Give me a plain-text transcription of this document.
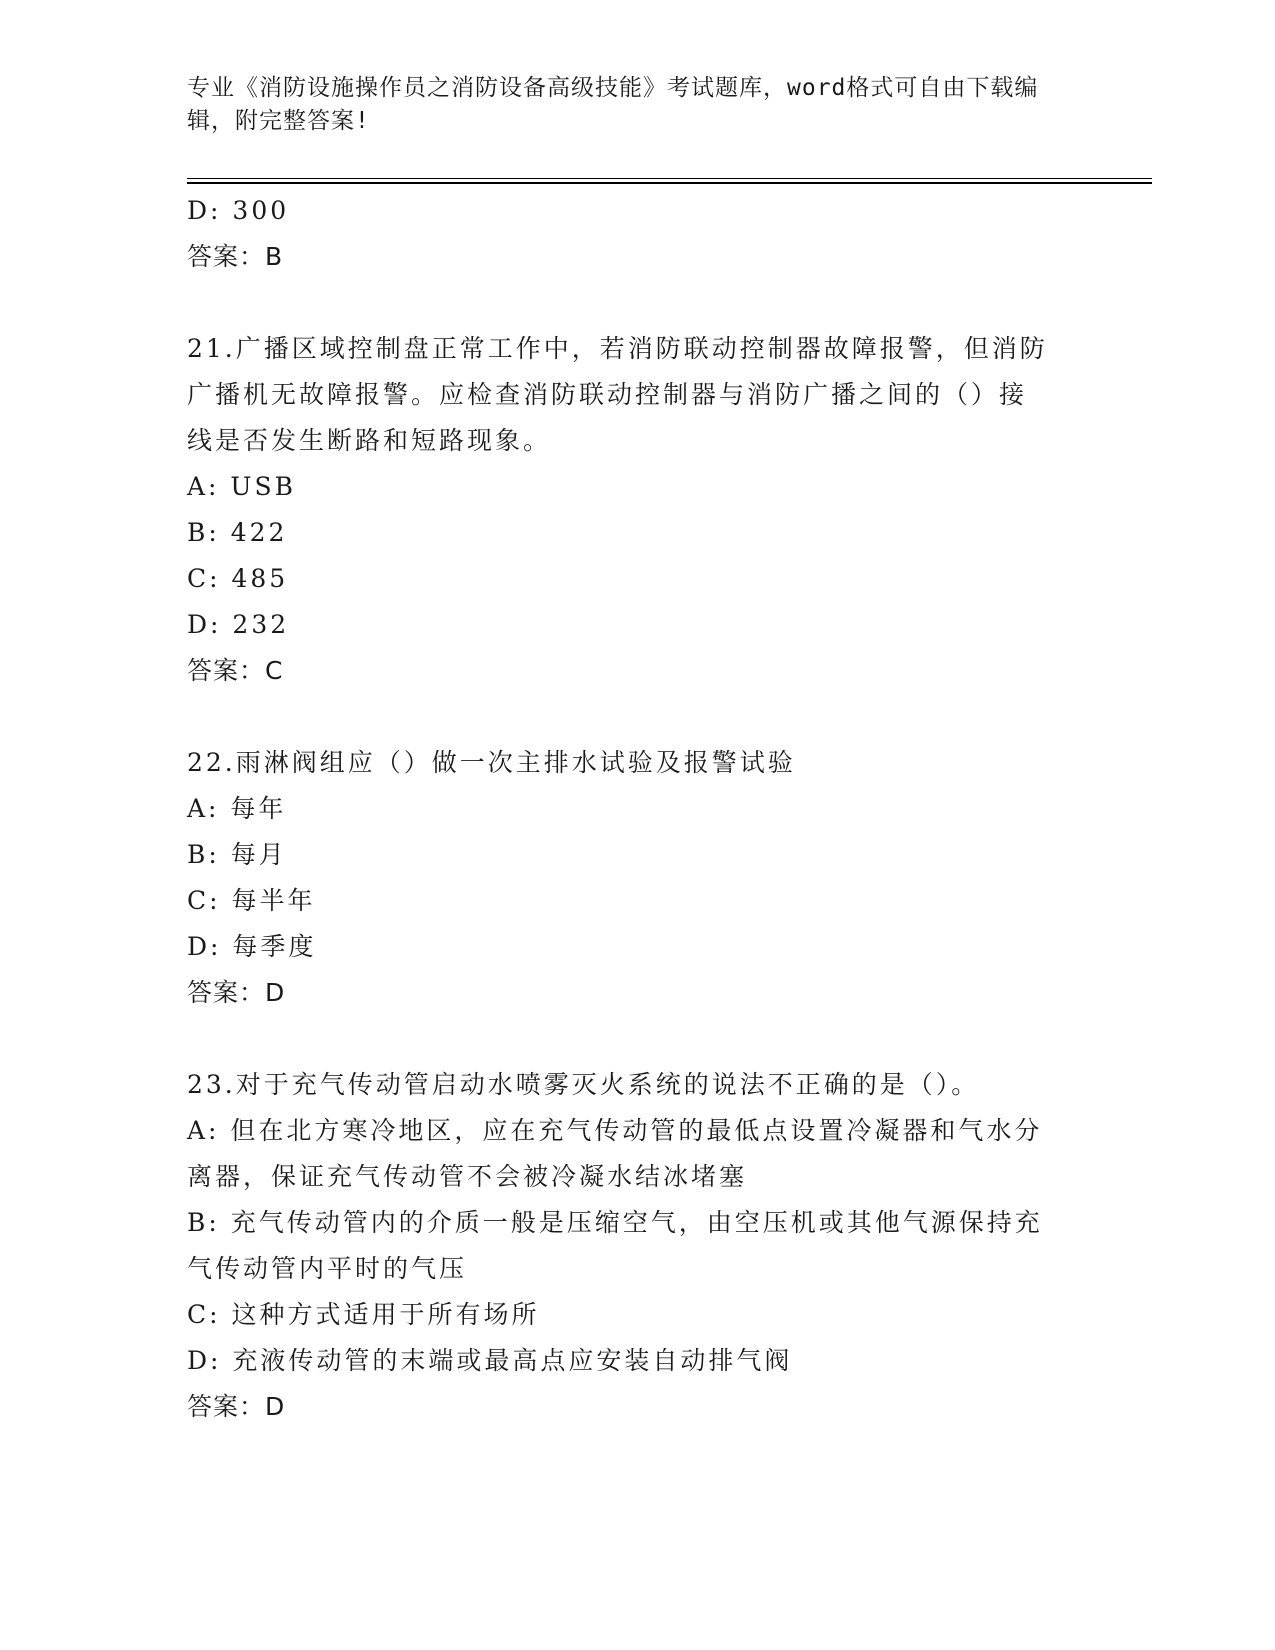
专业《消防设施操作员之消防设备高级技能》考试题库，word格式可自由下载编
辑，附完整答案!
D: 300
答案：B
21.广播区域控制盘正常工作中，若消防联动控制器故障报警，但消防
广播机无故障报警。应检查消防联动控制器与消防广播之间的（）接
线是否发生断路和短路现象。
A: USB
B: 422
C: 485
D: 232
答案：C
22.雨淋阀组应（）做一次主排水试验及报警试验
A: 每年
B: 每月
C: 每半年
D: 每季度
答案：D
23.对于充气传动管启动水喷雾灭火系统的说法不正确的是（）。
A: 但在北方寒冷地区，应在充气传动管的最低点设置冷凝器和气水分
离器，保证充气传动管不会被冷凝水结冰堵塞
B: 充气传动管内的介质一般是压缩空气，由空压机或其他气源保持充
气传动管内平时的气压
C: 这种方式适用于所有场所
D: 充液传动管的末端或最高点应安装自动排气阀
答案：D
